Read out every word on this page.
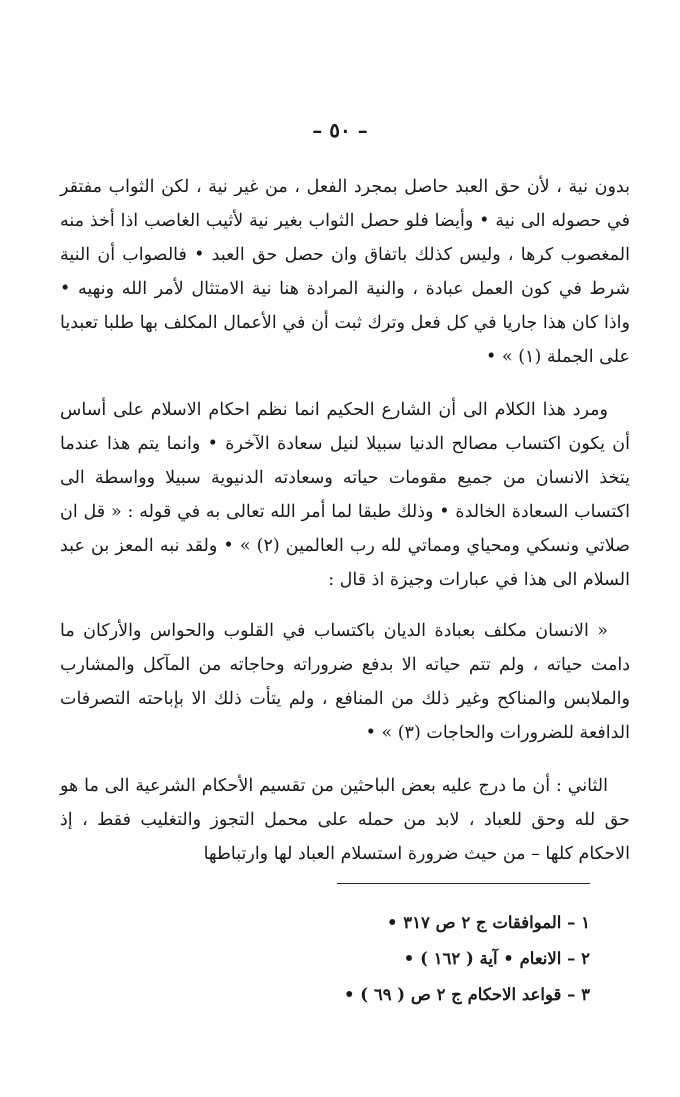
– ٥٠ –

بدون نية ، لأن حق العبد حاصل بمجرد الفعل ، من غير نية ، لكن الثواب مفتقر في حصوله الى نية • وأيضا فلو حصل الثواب بغير نية لأثيب الغاصب اذا أخذ منه المغصوب كرها ، وليس كذلك باتفاق وان حصل حق العبد • فالصواب أن النية شرط في كون العمل عبادة ، والنية المرادة هنا نية الامتثال لأمر الله ونهيه • واذا كان هذا جاريا في كل فعل وترك ثبت أن في الأعمال المكلف بها طلبا تعبديا على الجملة (١) » •

ومرد هذا الكلام الى أن الشارع الحكيم انما نظم احكام الاسلام على أساس أن يكون اكتساب مصالح الدنيا سبيلا لنيل سعادة الآخرة • وانما يتم هذا عندما يتخذ الانسان من جميع مقومات حياته وسعادته الدنيوية سبيلا وواسطة الى اكتساب السعادة الخالدة • وذلك طبقا لما أمر الله تعالى به في قوله : « قل ان صلاتي ونسكي ومحياي ومماتي لله رب العالمين (٢) » • ولقد نبه المعز بن عبد السلام الى هذا في عبارات وجيزة اذ قال :

« الانسان مكلف بعبادة الديان باكتساب في القلوب والحواس والأركان ما دامت حياته ، ولم تتم حياته الا بدفع ضروراته وحاجاته من المآكل والمشارب والملابس والمناكح وغير ذلك من المنافع ، ولم يتأت ذلك الا بإباحته التصرفات الدافعة للضرورات والحاجات (٣) » •

الثاني : أن ما درج عليه بعض الباحثين من تقسيم الأحكام الشرعية الى ما هو حق لله وحق للعباد ، لابد من حمله على محمل التجوز والتغليب فقط ، إذ الاحكام كلها – من حيث ضرورة استسلام العباد لها وارتباطها

١ – الموافقات ج ٢ ص ٣١٧ •
٢ – الانعام • آية ( ١٦٢ ) •
٣ – قواعد الاحكام ج ٢ ص ( ٦٩ ) •
